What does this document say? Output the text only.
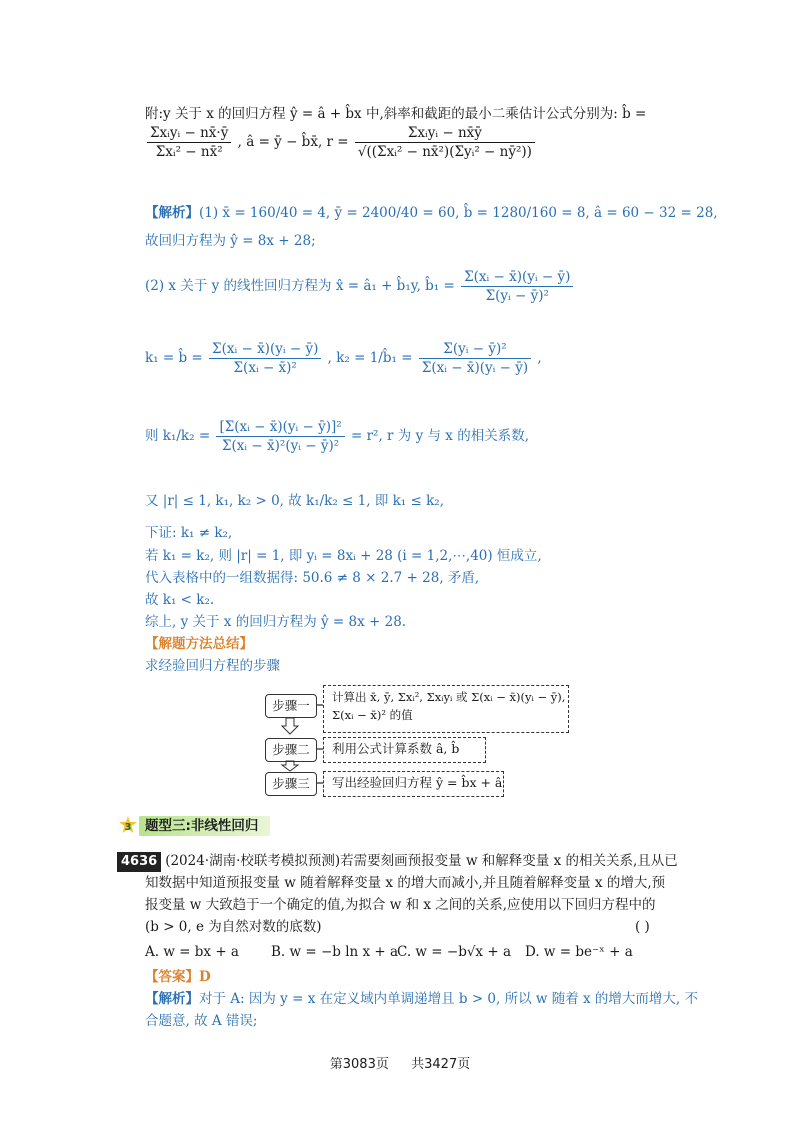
附:y 关于 x 的回归方程 ŷ = â + b̂x 中,斜率和截距的最小二乘估计公式分别为: b̂ =
$\frac{\text{Σxᵢyᵢ − nx̄·ȳ}}{\text{Σxᵢ² − nx̄²}}$ , â = ȳ − b̂x̄, $r = \frac{\text{Σxᵢyᵢ − nx̄ȳ}}{\text{√((Σxᵢ² − nx̄²)(Σyᵢ² − nȳ²))}}$
【解析】(1) x̄ = 160/40 = 4, ȳ = 2400/40 = 60, b̂ = 1280/160 = 8, â = 60 − 32 = 28,
故回归方程为 ŷ = 8x + 28;
(2) x 关于 y 的线性回归方程为 x̂ = â₁ + b̂₁y, b̂₁ = $\frac{\text{Σ(xᵢ − x̄)(yᵢ − ȳ)}}{\text{Σ(yᵢ − ȳ)²}}$
k₁ = b̂ = $\frac{\text{Σ(xᵢ − x̄)(yᵢ − ȳ)}}{\text{Σ(xᵢ − x̄)²}}$ , k₂ = 1/b̂₁ = $\frac{\text{Σ(yᵢ − ȳ)²}}{\text{Σ(xᵢ − x̄)(yᵢ − ȳ)}}$ ,
则 $k_1/k_2 = \frac{\text{[Σ(xᵢ − x̄)(yᵢ − ȳ)]²}}{\text{Σ(xᵢ − x̄)²(yᵢ − ȳ)²}} = r^2$, r 为 y 与 x 的相关系数,
又 |r| ≤ 1, k₁, k₂ > 0, 故 k₁/k₂ ≤ 1, 即 k₁ ≤ k₂,
下证: k₁ ≠ k₂,
若 k₁ = k₂, 则 |r| = 1, 即 yᵢ = 8xᵢ + 28 (i = 1,2,⋯,40) 恒成立,
代入表格中的一组数据得: 50.6 ≠ 8 × 2.7 + 28, 矛盾,
故 k₁ < k₂.
综上, y 关于 x 的回归方程为 ŷ = 8x + 28.
【解题方法总结】
求经验回归方程的步骤
步骤一
计算出 x̄, ȳ, Σxᵢ², Σxᵢyᵢ 或 Σ(xᵢ − x̄)(yᵢ − ȳ),
Σ(xᵢ − x̄)² 的值
步骤二	利用公式计算系数 â, b̂
步骤三	写出经验回归方程 ŷ = b̂x + â
3	题型三:非线性回归
4636 (2024·湖南·校联考模拟预测)若需要刻画预报变量 w 和解释变量 x 的相关关系,且从已
知数据中知道预报变量 w 随着解释变量 x 的增大而减小,并且随着解释变量 x 的增大,预
报变量 w 大致趋于一个确定的值,为拟合 w 和 x 之间的关系,应使用以下回归方程中的
(b > 0, e 为自然对数的底数)	( )
A. w = bx + a B. w = −b ln x + a
C. w = −b√x + a D. w = be⁻ˣ + a
【答案】D
【解析】对于 A: 因为 y = x 在定义域内单调递增且 b > 0, 所以 w 随着 x 的增大而增大, 不
合题意, 故 A 错误;
第3083页 共3427页
